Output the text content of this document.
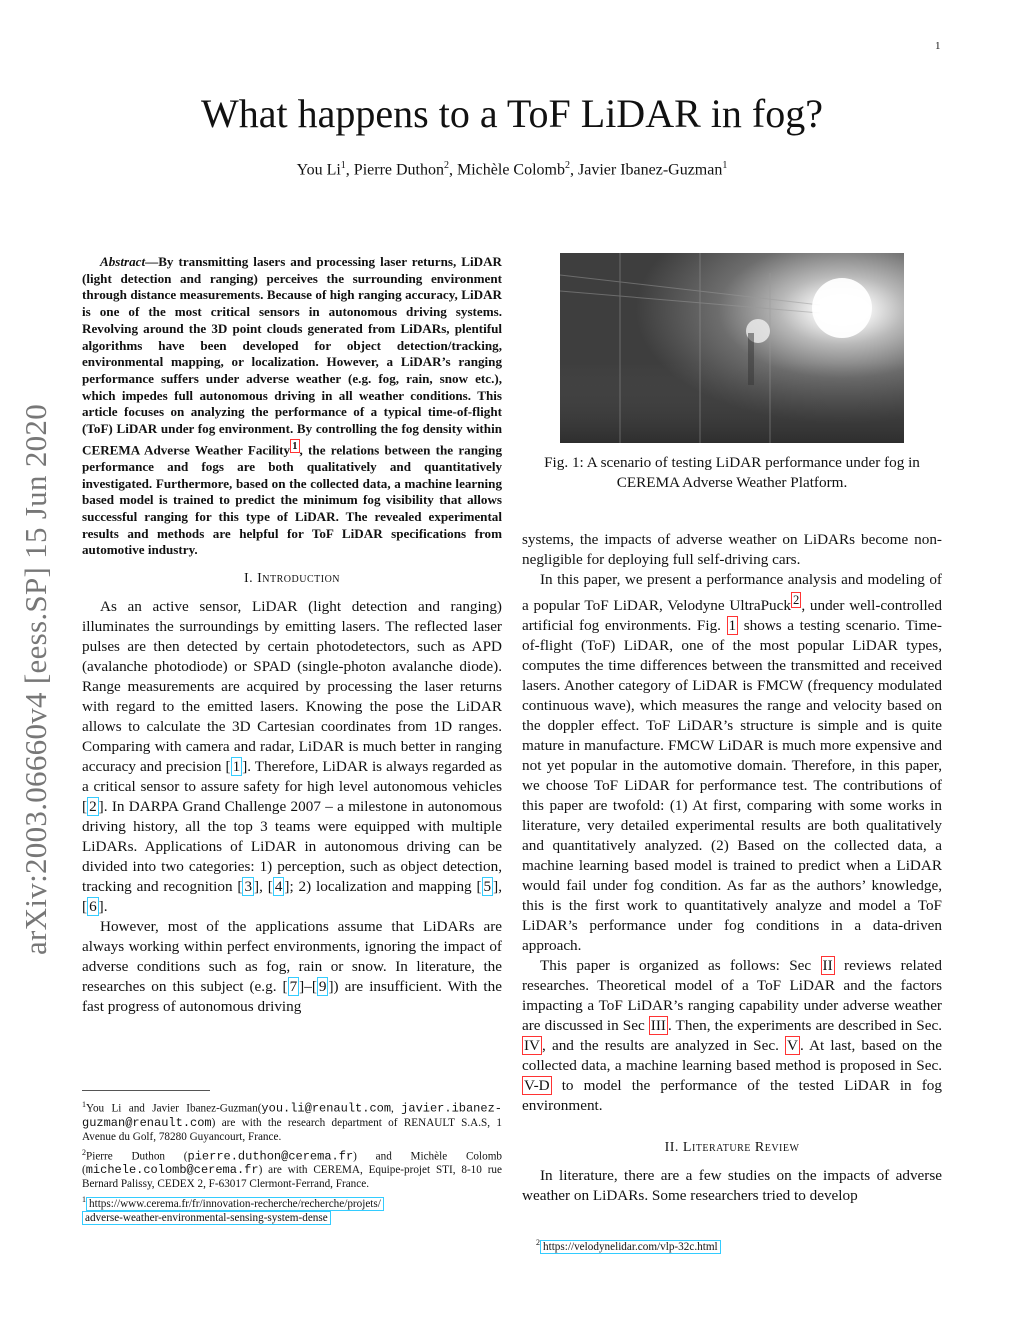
1
arXiv:2003.06660v4 [eess.SP] 15 Jun 2020
What happens to a ToF LiDAR in fog?
You Li$^1$, Pierre Duthon$^2$, Michèle Colomb$^2$, Javier Ibanez-Guzman$^1$

Abstract—By transmitting lasers and processing laser returns, LiDAR (light detection and ranging) perceives the surrounding environment through distance measurements. Because of high ranging accuracy, LiDAR is one of the most critical sensors in autonomous driving systems. Revolving around the 3D point clouds generated from LiDARs, plentiful algorithms have been developed for object detection/tracking, environmental mapping, or localization. However, a LiDAR’s ranging performance suffers under adverse weather (e.g. fog, rain, snow etc.), which impedes full autonomous driving in all weather conditions. This article focuses on analyzing the performance of a typical time-of-flight (ToF) LiDAR under fog environment. By controlling the fog density within CEREMA Adverse Weather Facility $^1$ , the relations between the ranging performance and fogs are both qualitatively and quantitatively investigated. Furthermore, based on the collected data, a machine learning based model is trained to predict the minimum fog visibility that allows successful ranging for this type of LiDAR. The revealed experimental results and methods are helpful for ToF LiDAR specifications from automotive industry.

I. Introduction

As an active sensor, LiDAR (light detection and ranging) illuminates the surroundings by emitting lasers. The reflected laser pulses are then detected by certain photodetectors, such as APD (avalanche photodiode) or SPAD (single-photon avalanche diode). Range measurements are acquired by processing the laser returns with regard to the emitted lasers. Knowing the pose the LiDAR allows to calculate the 3D Cartesian coordinates from 1D ranges. Comparing with camera and radar, LiDAR is much better in ranging accuracy and precision [ 1 ]. Therefore, LiDAR is always regarded as a critical sensor to assure safety for high level autonomous vehicles [ 2 ]. In DARPA Grand Challenge 2007 – a milestone in autonomous driving history, all the top 3 teams were equipped with multiple LiDARs. Applications of LiDAR in autonomous driving can be divided into two categories: 1) perception, such as object detection, tracking and recognition [ 3 ], [ 4 ]; 2) localization and mapping [ 5 ], [ 6 ].

However, most of the applications assume that LiDARs are always working within perfect environments, ignoring the impact of adverse conditions such as fog, rain or snow. In literature, the researches on this subject (e.g. [ 7 ]–[ 9 ]) are insufficient. With the fast progress of autonomous driving

$^1$You Li and Javier Ibanez-Guzman(you.li@renault.com, javier.ibanez-guzman@renault.com) are with the research department of RENAULT S.A.S, 1 Avenue du Golf, 78280 Guyancourt, France.
$^2$Pierre Duthon (pierre.duthon@cerema.fr) and Michèle Colomb (michele.colomb@cerema.fr) are with CEREMA, Equipe-projet STI, 8-10 rue Bernard Palissy, CEDEX 2, F-63017 Clermont-Ferrand, France.
$^1$ https://www.cerema.fr/fr/innovation-recherche/recherche/projets/
adverse-weather-environmental-sensing-system-dense
Fig. 1: A scenario of testing LiDAR performance under fog in CEREMA Adverse Weather Platform.

systems, the impacts of adverse weather on LiDARs become non-negligible for deploying full self-driving cars.

In this paper, we present a performance analysis and modeling of a popular ToF LiDAR, Velodyne UltraPuck $^2$ , under well-controlled artificial fog environments. Fig. 1 shows a testing scenario. Time-of-flight (ToF) LiDAR, one of the most popular LiDAR types, computes the time differences between the transmitted and received lasers. Another category of LiDAR is FMCW (frequency modulated continuous wave), which measures the range and velocity based on the doppler effect. ToF LiDAR’s structure is simple and is quite mature in manufacture. FMCW LiDAR is much more expensive and not yet popular in the automotive domain. Therefore, in this paper, we choose ToF LiDAR for performance test. The contributions of this paper are twofold: (1) At first, comparing with some works in literature, very detailed experimental results are both qualitatively and quantitatively analyzed. (2) Based on the collected data, a machine learning based model is trained to predict when a LiDAR would fail under fog condition. As far as the authors’ knowledge, this is the first work to quantitatively analyze and model a ToF LiDAR’s performance under fog conditions in a data-driven approach.

This paper is organized as follows: Sec II reviews related researches. Theoretical model of a ToF LiDAR and the factors impacting a ToF LiDAR’s ranging capability under adverse weather are discussed in Sec III . Then, the experiments are described in Sec. IV , and the results are analyzed in Sec. V . At last, based on the collected data, a machine learning based method is proposed in Sec. V-D to model the performance of the tested LiDAR in fog environment.

II. Literature Review

In literature, there are a few studies on the impacts of adverse weather on LiDARs. Some researchers tried to develop

$^2$ https://velodynelidar.com/vlp-32c.html
